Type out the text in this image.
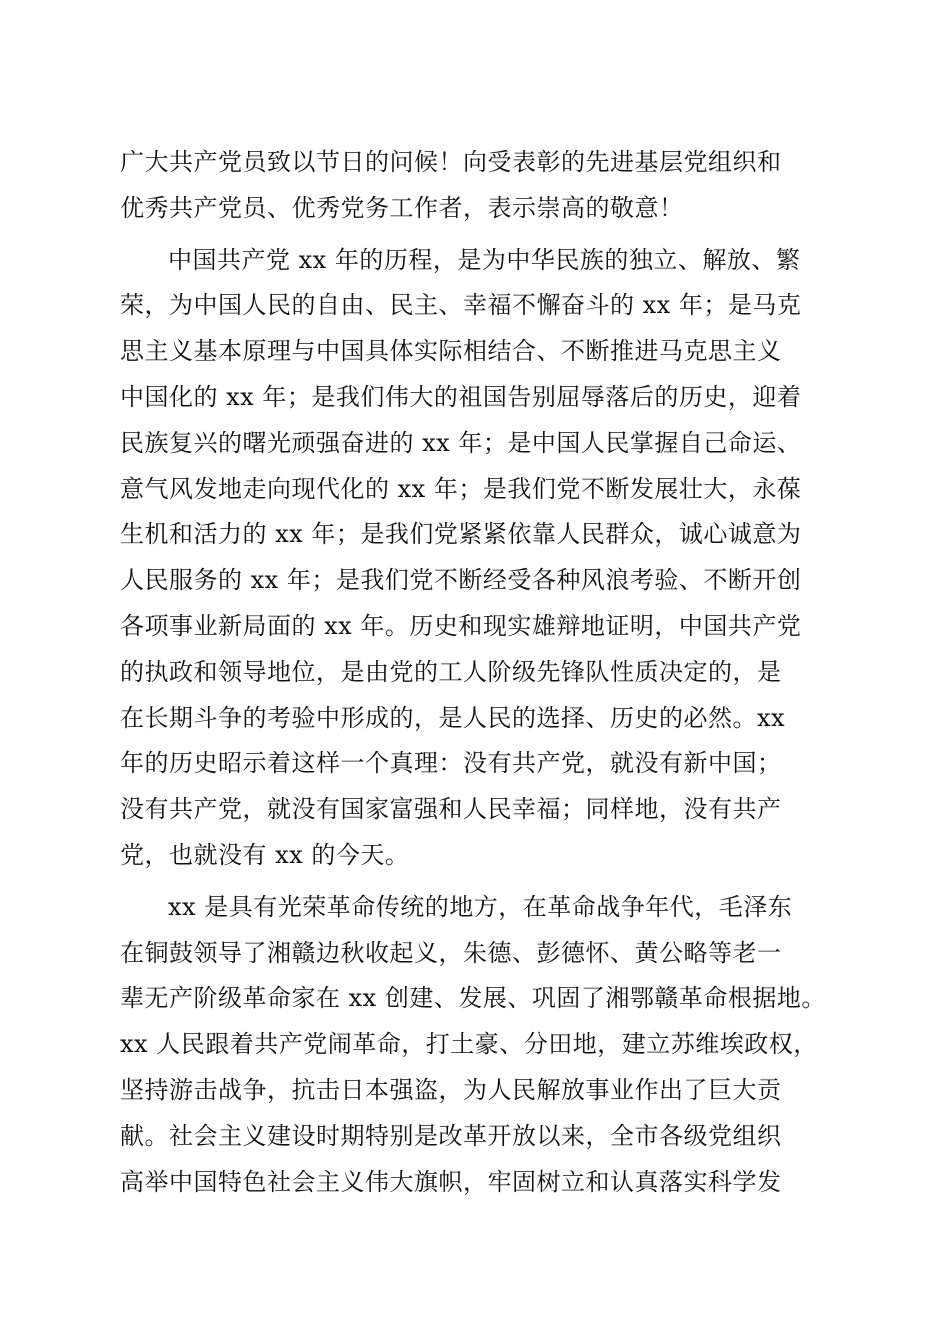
广大共产党员致以节日的问候！向受表彰的先进基层党组织和
优秀共产党员、优秀党务工作者，表示崇高的敬意！
中国共产党 xx 年的历程，是为中华民族的独立、解放、繁
荣，为中国人民的自由、民主、幸福不懈奋斗的 xx 年；是马克
思主义基本原理与中国具体实际相结合、不断推进马克思主义
中国化的 xx 年；是我们伟大的祖国告别屈辱落后的历史，迎着
民族复兴的曙光顽强奋进的 xx 年；是中国人民掌握自己命运、
意气风发地走向现代化的 xx 年；是我们党不断发展壮大，永葆
生机和活力的 xx 年；是我们党紧紧依靠人民群众，诚心诚意为
人民服务的 xx 年；是我们党不断经受各种风浪考验、不断开创
各项事业新局面的 xx 年。历史和现实雄辩地证明，中国共产党
的执政和领导地位，是由党的工人阶级先锋队性质决定的，是
在长期斗争的考验中形成的，是人民的选择、历史的必然。xx
年的历史昭示着这样一个真理：没有共产党，就没有新中国；
没有共产党，就没有国家富强和人民幸福；同样地，没有共产
党，也就没有 xx 的今天。
xx 是具有光荣革命传统的地方，在革命战争年代，毛泽东
在铜鼓领导了湘赣边秋收起义，朱德、彭德怀、黄公略等老一
辈无产阶级革命家在 xx 创建、发展、巩固了湘鄂赣革命根据地。
xx 人民跟着共产党闹革命，打土豪、分田地，建立苏维埃政权，
坚持游击战争，抗击日本强盗，为人民解放事业作出了巨大贡
献。社会主义建设时期特别是改革开放以来，全市各级党组织
高举中国特色社会主义伟大旗帜，牢固树立和认真落实科学发
